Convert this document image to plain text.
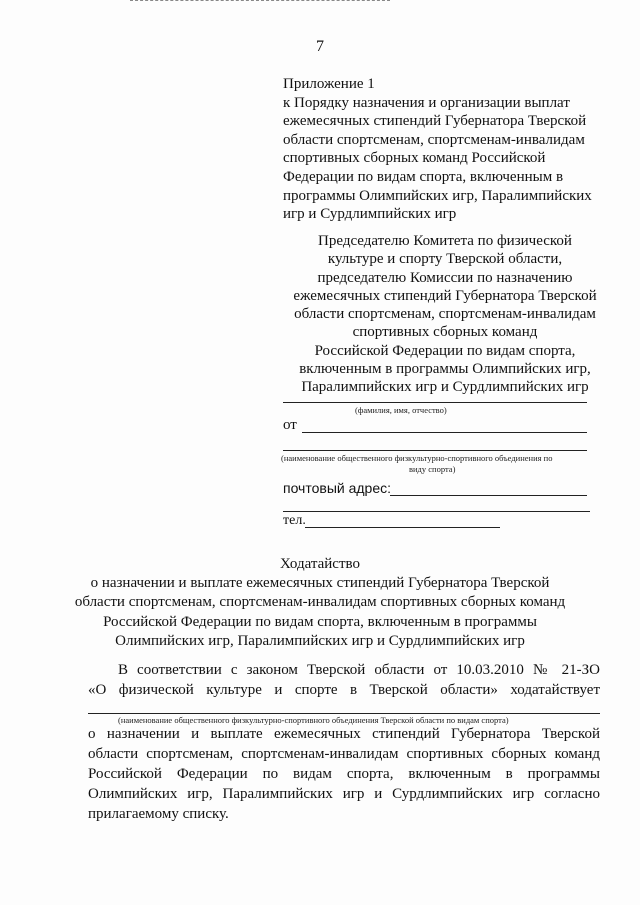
7
Приложение 1
к Порядку назначения и организации выплат
ежемесячных стипендий Губернатора Тверской
области спортсменам, спортсменам-инвалидам
спортивных сборных команд Российской
Федерации по видам спорта, включенным в
программы Олимпийских игр, Паралимпийских
игр и Сурдлимпийских игр
Председателю Комитета по физической
культуре и спорту Тверской области,
председателю Комиссии по назначению
ежемесячных стипендий Губернатора Тверской
области спортсменам, спортсменам-инвалидам
спортивных сборных команд
Российской Федерации по видам спорта,
включенным в программы Олимпийских игр,
Паралимпийских игр и Сурдлимпийских игр
(фамилия, имя, отчество)
от
(наименование общественного физкультурно-спортивного объединения по
виду спорта)
почтовый адрес:
тел.
Ходатайство
о назначении и выплате ежемесячных стипендий Губернатора Тверской
области спортсменам, спортсменам-инвалидам спортивных сборных команд
Российской Федерации по видам спорта, включенным в программы
Олимпийских игр, Паралимпийских игр и Сурдлимпийских игр
В соответствии с законом Тверской области от 10.03.2010 № 21-ЗО
«О физической культуре и спорте в Тверской области» ходатайствует
(наименование общественного физкультурно-спортивного объединения Тверской области по видам спорта)
о назначении и выплате ежемесячных стипендий Губернатора Тверской
области спортсменам, спортсменам-инвалидам спортивных сборных команд
Российской Федерации по видам спорта, включенным в программы
Олимпийских игр, Паралимпийских игр и Сурдлимпийских игр согласно
прилагаемому списку.
